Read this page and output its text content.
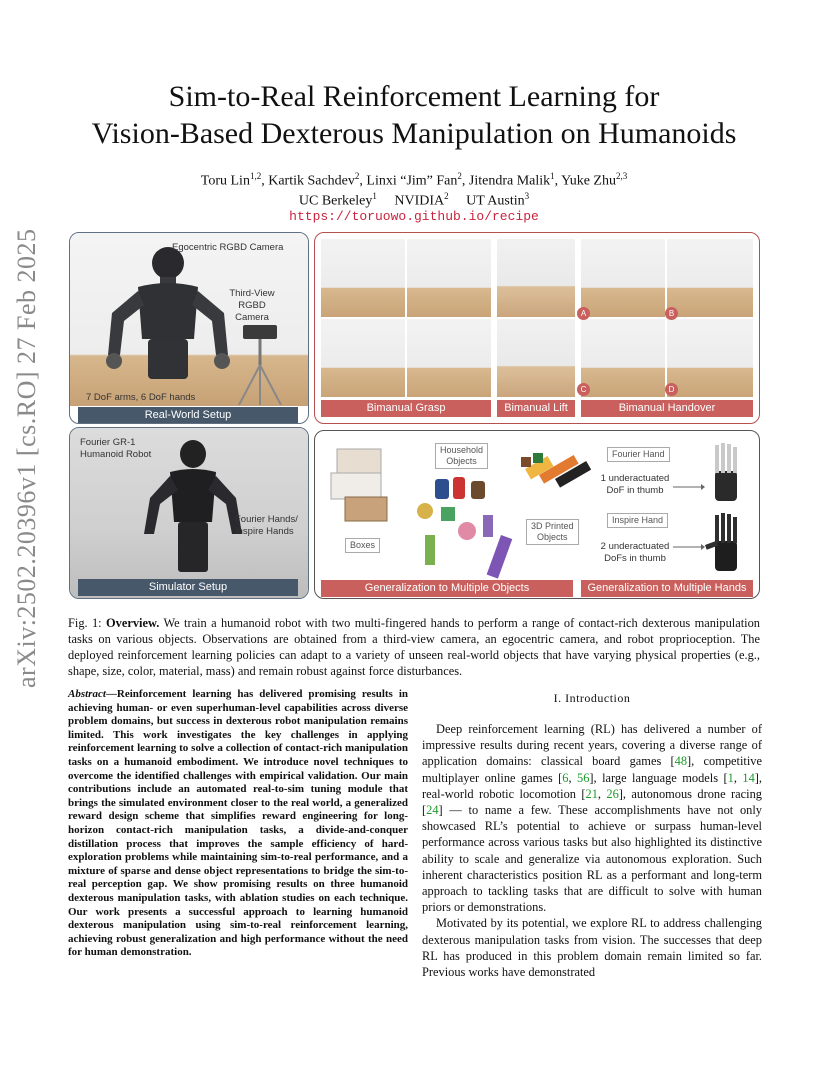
arXiv:2502.20396v1 [cs.RO] 27 Feb 2025
Sim-to-Real Reinforcement Learning for
Vision-Based Dexterous Manipulation on Humanoids
Toru Lin$^{1,2}$, Kartik Sachdev$^2$, Linxi “Jim” Fan$^2$, Jitendra Malik$^1$, Yuke Zhu$^{2,3}$
UC Berkeley$^1$ NVIDIA$^2$ UT Austin$^3$
https://toruowo.github.io/recipe
Egocentric RGBD Camera
Third-View
RGBD Camera
7 DoF arms, 6 DoF hands
Real-World Setup
Fourier GR-1
Humanoid Robot
Fourier Hands/
Inspire Hands
Simulator Setup
A	B
C	D
Bimanual Grasp	Bimanual Lift	Bimanual Handover
Boxes
Household
Objects
3D Printed
Objects
Generalization to Multiple Objects
Fourier Hand
1 underactuated
DoF in thumb
Inspire Hand
2 underactuated
DoFs in thumb
Generalization to Multiple Hands
Fig. 1: Overview. We train a humanoid robot with two multi-fingered hands to perform a range of contact-rich dexterous manipulation tasks on various objects. Observations are obtained from a third-view camera, an egocentric camera, and robot proprioception. The deployed reinforcement learning policies can adapt to a variety of unseen real-world objects that have varying physical properties (e.g., shape, size, color, material, mass) and remain robust against force disturbances.
Abstract—Reinforcement learning has delivered promising results in achieving human- or even superhuman-level capabilities across diverse problem domains, but success in dexterous robot manipulation remains limited. This work investigates the key challenges in applying reinforcement learning to solve a collection of contact-rich manipulation tasks on a humanoid embodiment. We introduce novel techniques to overcome the identified challenges with empirical validation. Our main contributions include an automated real-to-sim tuning module that brings the simulated environment closer to the real world, a generalized reward design scheme that simplifies reward engineering for long-horizon contact-rich manipulation tasks, a divide-and-conquer distillation process that improves the sample efficiency of hard-exploration problems while maintaining sim-to-real performance, and a mixture of sparse and dense object representations to bridge the sim-to-real perception gap. We show promising results on three humanoid dexterous manipulation tasks, with ablation studies on each technique. Our work presents a successful approach to learning humanoid dexterous manipulation using sim-to-real reinforcement learning, achieving robust generalization and high performance without the need for human demonstration.
I. Introduction

Deep reinforcement learning (RL) has delivered a number of impressive results during recent years, covering a diverse range of application domains: classical board games [48], competitive multiplayer online games [6, 56], large language models [1, 14], real-world robotic locomotion [21, 26], autonomous drone racing [24] — to name a few. These accomplishments have not only showcased RL’s potential to achieve or surpass human-level performance across various tasks but also highlighted its distinctive ability to scale and generalize via autonomous exploration. Such inherent characteristics position RL as a performant and long-term approach to tackling tasks that are difficult to solve with human priors or demonstrations.

Motivated by its potential, we explore RL to address challenging dexterous manipulation tasks from vision. The successes that deep RL has produced in this problem domain remain limited so far. Previous works have demonstrated
